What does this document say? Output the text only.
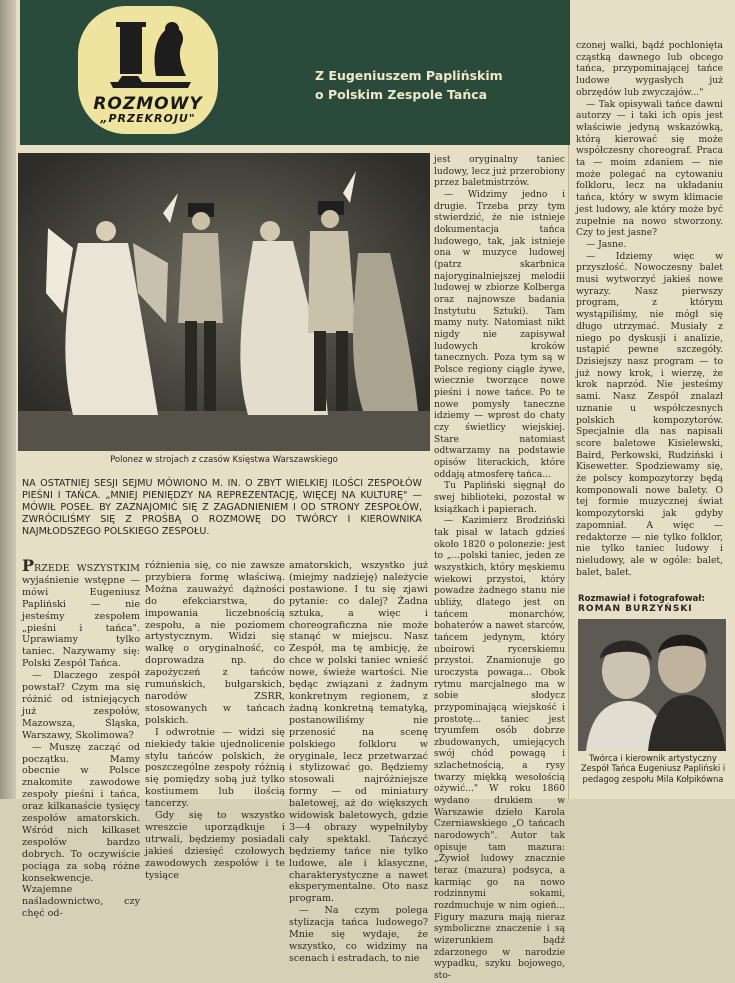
ROZMOWY
„PRZEKROJU"
Z Eugeniuszem Paplińskim
o Polskim Zespole Tańca
Polonez w strojach z czasów Księstwa Warszawskiego
NA OSTATNIEJ SESJI SEJMU MÓWIONO M. IN. O ZBYT WIELKIEJ ILOŚCI ZESPOŁÓW PIEŚNI I TAŃCA. „MNIEJ PIENIĘDZY NA REPREZENTACJĘ, WIĘCEJ NA KULTURĘ" — MÓWIŁ POSEŁ. BY ZAZNAJOMIĆ SIĘ Z ZAGADNIENIEM I OD STRONY ZESPOŁÓW, ZWRÓCILIŚMY SIĘ Z PROŚBĄ O ROZMOWĘ DO TWÓRCY I KIEROWNIKA NAJMŁODSZEGO POLSKIEGO ZESPOŁU.

PRZEDE WSZYSTKIM wyjaśnienie wstępne — mówi Eugeniusz Papliński — nie jesteśmy zespołem „pieśni i tańca". Uprawiamy tylko taniec. Nazywamy się: Polski Zespół Tańca.

— Dlaczego zespół powstał? Czym ma się różnić od istniejących już zespołów, Mazowsza, Śląska, Warszawy, Skolimowa?

— Muszę zacząć od początku. Mamy obecnie w Polsce znakomite zawodowe zespoły pieśni i tańca, oraz kilkanaście tysięcy zespołów amatorskich. Wśród nich kilkaset zespołów bardzo dobrych. To oczywiście pociąga za sobą różne konsekwencje. Wzajemne naśladownictwo, czy chęć od-

różnienia się, co nie zawsze przybiera formę właściwą. Można zauważyć dążności do efekciarstwa, do impowania liczebnością zespołu, a nie poziomem artystycznym. Widzi się walkę o oryginalność, co doprowadza np. do zapożyczeń z tańców rumuńskich, bułgarskich, narodów ZSRR, stosowanych w tańcach polskich.

I odwrotnie — widzi się niekiedy takie ujednolicenie stylu tańców polskich, że poszczególne zespoły różnią się pomiędzy sobą już tylko kostiumem lub ilością tancerzy.

Gdy się to wszystko wreszcie uporządkuje i utrwali, będziemy posiadali jakieś dziesięć czołowych zawodowych zespołów i te tysiące

amatorskich, wszystko już (miejmy nadzieję) należycie postawione. I tu się zjawi pytanie: co dalej? Żadna sztuka, a więc i choreograficzna nie może stanąć w miejscu. Nasz Zespół, ma tę ambicję, że chce w polski taniec wnieść nowe, świeże wartości. Nie będąc związani z żadnym konkretnym regionem, z żadną konkretną tematyką, postanowiliśmy nie przenosić na scenę polskiego folkloru w oryginale, lecz przetwarzać i stylizować go. Będziemy stosowali najróżniejsze formy — od miniatury baletowej, aż do większych widowisk baletowych, gdzie 3—4 obrazy wypełniłyby cały spektakl. Tańczyć będziemy tańce nie tylko ludowe, ale i klasyczne, charakterystyczne a nawet eksperymentalne. Oto nasz program.

— Na czym polega stylizacja tańca ludowego? Mnie się wydaje, że wszystko, co widzimy na scenach i estradach, to nie

jest oryginalny taniec ludowy, lecz już przerobiony przez baletmistrzów.

— Widzimy jedno i drugie. Trzeba przy tym stwierdzić, że nie istnieje dokumentacja tańca ludowego, tak, jak istnieje ona w muzyce ludowej (patrz skarbnica najoryginalniejszej melodii ludowej w zbiorze Kolberga oraz najnowsze badania Instytutu Sztuki). Tam mamy nuty. Natomiast nikt nigdy nie zapisywał ludowych kroków tanecznych. Poza tym są w Polsce regiony ciągle żywe, wiecznie tworzące nowe pieśni i nowe tańce. Po te nowe pomysły taneczne idziemy — wprost do chaty czy świetlicy wiejskiej. Stare natomiast odtwarzamy na podstawie opisów literackich, które oddają atmosferę tańca...

Tu Papliński sięgnął do swej biblioteki, pozostał w książkach i papierach.

— Kazimierz Brodziński tak pisał w latach gdzieś około 1820 o polonezie: jest to „...polski taniec, jeden ze wszystkich, który męskiemu wiekowi przystoi, który powadze żadnego stanu nie ubliży, dlatego jest on tańcem monarchów, bohaterów a nawet starców, tańcem jedynym, który uboirowi rycerskiemu przystoi. Znamionuje go uroczysta powaga... Obok rytmu marcjalnego ma w sobie słodycz przypominającą wiejskość i prostotę... taniec jest tryumfem osób dobrze zbudowanych, umiejących swój chód powagą i szlachetnością, a rysy twarzy miękką wesołością ożywić..." W roku 1860 wydano drukiem w Warszawie dzieło Karola Czerniawskiego „O tańcach narodowych". Autor tak opisuje tam mazura: „Żywioł ludowy znacznie teraz (mazura) podsyca, a karmiąc go na nowo rodzinnymi sokami, rozdmuchuje w nim ogień... Figury mazura mają nieraz symboliczne znaczenie i są wizerunkiem bądź zdarzonego w narodzie wypadku, szyku bojowego, sto-

czonej walki, bądź pochlonięta cząstką dawnego lub obcego tańca, przypominającej tańce ludowe wygasłych już obrzędów lub zwyczajów..."

— Tak opisywali tańce dawni autorzy — i taki ich opis jest właściwie jedyną wskazówką, którą kierować się może współczesny choreograf. Praca ta — moim zdaniem — nie może polegać na cytowaniu folkloru, lecz na układaniu tańca, który w swym klimacie jest ludowy, ale który może być zupełnie na nowo stworzony. Czy to jest jasne?

— Jasne.

— Idziemy więc w przyszłość. Nowoczesny balet musi wytworzyć jakieś nowe wyrazy. Nasz pierwszy program, z którym wystąpiliśmy, nie mógł się długo utrzymać. Musiały z niego po dyskusji i analizie, ustąpić pewne szczegóły. Dzisiejszy nasz program — to już nowy krok, i wierzę, że krok naprzód. Nie jesteśmy sami. Nasz Zespół znalazł uznanie u współczesnych polskich kompozytorów. Specjalnie dla nas napisali score baletowe Kisielewski, Baird, Perkowski, Rudziński i Kisewetter. Spodziewamy się, że polscy kompozytorzy będą komponowali nowe balety. O tej formie muzycznej świat kompozytorski jak gdyby zapomniał. A więc — redaktorze — nie tylko folklor, nie tylko taniec ludowy i nieludowy, ale w ogóle: balet, balet, balet.

Rozmawiał i fotografował:
ROMAN BURZYŃSKI
Twórca i kierownik artystyczny Zespół Tańca Eugeniusz Papliński i pedagog zespołu Mila Kołpikówna
